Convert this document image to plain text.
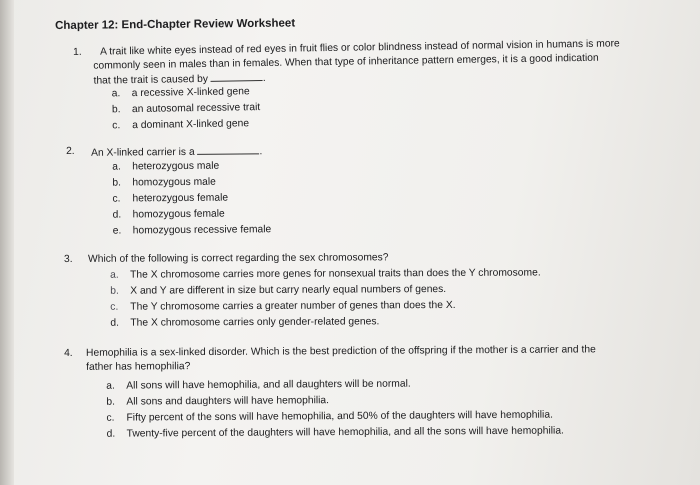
Chapter 12: End-Chapter Review Worksheet
1. A trait like white eyes instead of red eyes in fruit flies or color blindness instead of normal vision in humans is more
commonly seen in males than in females. When that type of inheritance pattern emerges, it is a good indication
that the trait is caused by	.
a. a recessive X-linked gene
b. an autosomal recessive trait
c. a dominant X-linked gene
2. An X-linked carrier is a	.
a. heterozygous male
b. homozygous male
c. heterozygous female
d. homozygous female
e. homozygous recessive female
3. Which of the following is correct regarding the sex chromosomes?
a. The X chromosome carries more genes for nonsexual traits than does the Y chromosome.
b. X and Y are different in size but carry nearly equal numbers of genes.
c. The Y chromosome carries a greater number of genes than does the X.
d. The X chromosome carries only gender-related genes.
4. Hemophilia is a sex-linked disorder. Which is the best prediction of the offspring if the mother is a carrier and the
father has hemophilia?
a. All sons will have hemophilia, and all daughters will be normal.
b. All sons and daughters will have hemophilia.
c. Fifty percent of the sons will have hemophilia, and 50% of the daughters will have hemophilia.
d. Twenty-five percent of the daughters will have hemophilia, and all the sons will have hemophilia.
